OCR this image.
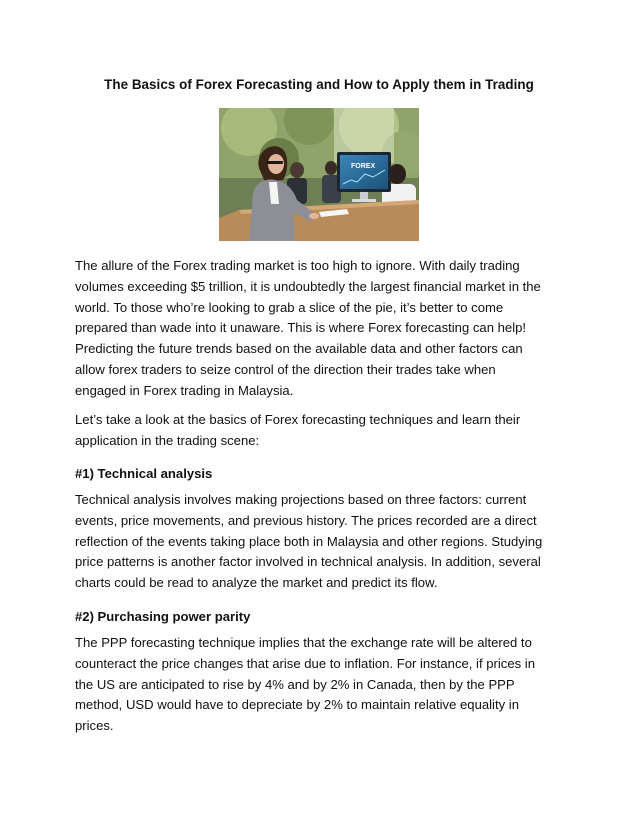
The Basics of Forex Forecasting and How to Apply them in Trading
FOREX
The allure of the Forex trading market is too high to ignore. With daily trading
volumes exceeding $5 trillion, it is undoubtedly the largest financial market in the
world. To those who’re looking to grab a slice of the pie, it’s better to come
prepared than wade into it unaware. This is where Forex forecasting can help!
Predicting the future trends based on the available data and other factors can
allow forex traders to seize control of the direction their trades take when
engaged in Forex trading in Malaysia.
Let’s take a look at the basics of Forex forecasting techniques and learn their
application in the trading scene:
#1) Technical analysis
Technical analysis involves making projections based on three factors: current
events, price movements, and previous history. The prices recorded are a direct
reflection of the events taking place both in Malaysia and other regions. Studying
price patterns is another factor involved in technical analysis. In addition, several
charts could be read to analyze the market and predict its flow.
#2) Purchasing power parity
The PPP forecasting technique implies that the exchange rate will be altered to
counteract the price changes that arise due to inflation. For instance, if prices in
the US are anticipated to rise by 4% and by 2% in Canada, then by the PPP
method, USD would have to depreciate by 2% to maintain relative equality in
prices.
